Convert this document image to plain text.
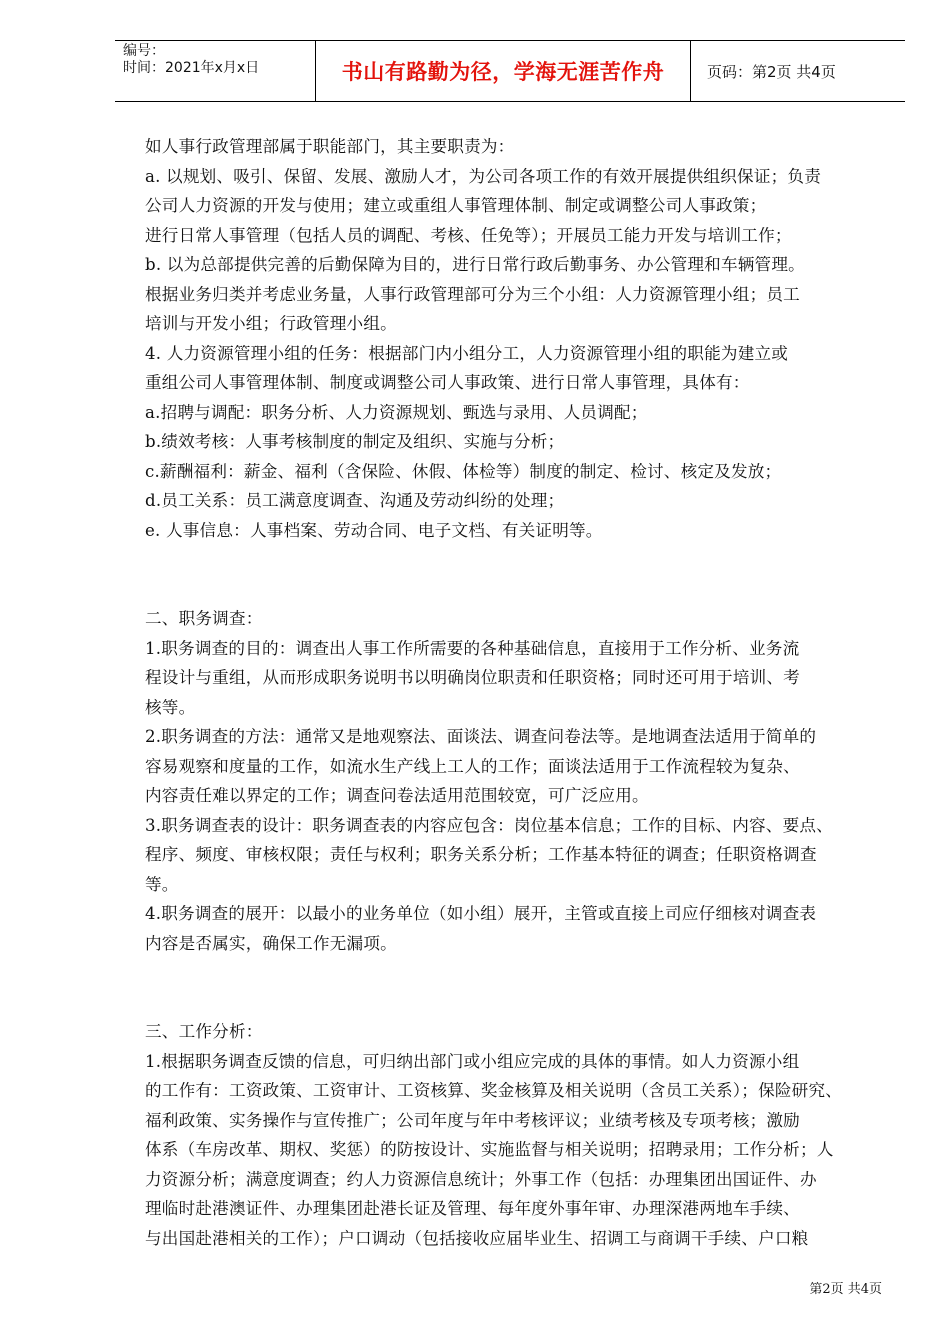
编号：
时间：2021年x月x日	书山有路勤为径，学海无涯苦作舟	页码：第2页 共4页
如人事行政管理部属于职能部门，其主要职责为：
a. 以规划、吸引、保留、发展、激励人才，为公司各项工作的有效开展提供组织保证；负责
公司人力资源的开发与使用；建立或重组人事管理体制、制定或调整公司人事政策；
进行日常人事管理（包括人员的调配、考核、任免等）；开展员工能力开发与培训工作；
b. 以为总部提供完善的后勤保障为目的，进行日常行政后勤事务、办公管理和车辆管理。
根据业务归类并考虑业务量，人事行政管理部可分为三个小组：人力资源管理小组；员工
培训与开发小组；行政管理小组。
4. 人力资源管理小组的任务：根据部门内小组分工，人力资源管理小组的职能为建立或
重组公司人事管理体制、制度或调整公司人事政策、进行日常人事管理，具体有：
a.招聘与调配：职务分析、人力资源规划、甄选与录用、人员调配；
b.绩效考核：人事考核制度的制定及组织、实施与分析；
c.薪酬福利：薪金、福利（含保险、休假、体检等）制度的制定、检讨、核定及发放；
d.员工关系：员工满意度调查、沟通及劳动纠纷的处理；
e. 人事信息：人事档案、劳动合同、电子文档、有关证明等。
二、职务调查：
1.职务调查的目的：调查出人事工作所需要的各种基础信息，直接用于工作分析、业务流
程设计与重组，从而形成职务说明书以明确岗位职责和任职资格；同时还可用于培训、考
核等。
2.职务调查的方法：通常又是地观察法、面谈法、调查问卷法等。是地调查法适用于简单的
容易观察和度量的工作，如流水生产线上工人的工作；面谈法适用于工作流程较为复杂、
内容责任难以界定的工作；调查问卷法适用范围较宽，可广泛应用。
3.职务调查表的设计：职务调查表的内容应包含：岗位基本信息；工作的目标、内容、要点、
程序、频度、审核权限；责任与权利；职务关系分析；工作基本特征的调查；任职资格调查
等。
4.职务调查的展开：以最小的业务单位（如小组）展开，主管或直接上司应仔细核对调查表
内容是否属实，确保工作无漏项。
三、工作分析：
1.根据职务调查反馈的信息，可归纳出部门或小组应完成的具体的事情。如人力资源小组
的工作有：工资政策、工资审计、工资核算、奖金核算及相关说明（含员工关系）；保险研究、
福利政策、实务操作与宣传推广；公司年度与年中考核评议；业绩考核及专项考核；激励
体系（车房改革、期权、奖惩）的防按设计、实施监督与相关说明；招聘录用；工作分析；人
力资源分析；满意度调查；约人力资源信息统计；外事工作（包括：办理集团出国证件、办
理临时赴港澳证件、办理集团赴港长证及管理、每年度外事年审、办理深港两地车手续、
与出国赴港相关的工作）；户口调动（包括接收应届毕业生、招调工与商调干手续、户口粮
第2页 共4页
